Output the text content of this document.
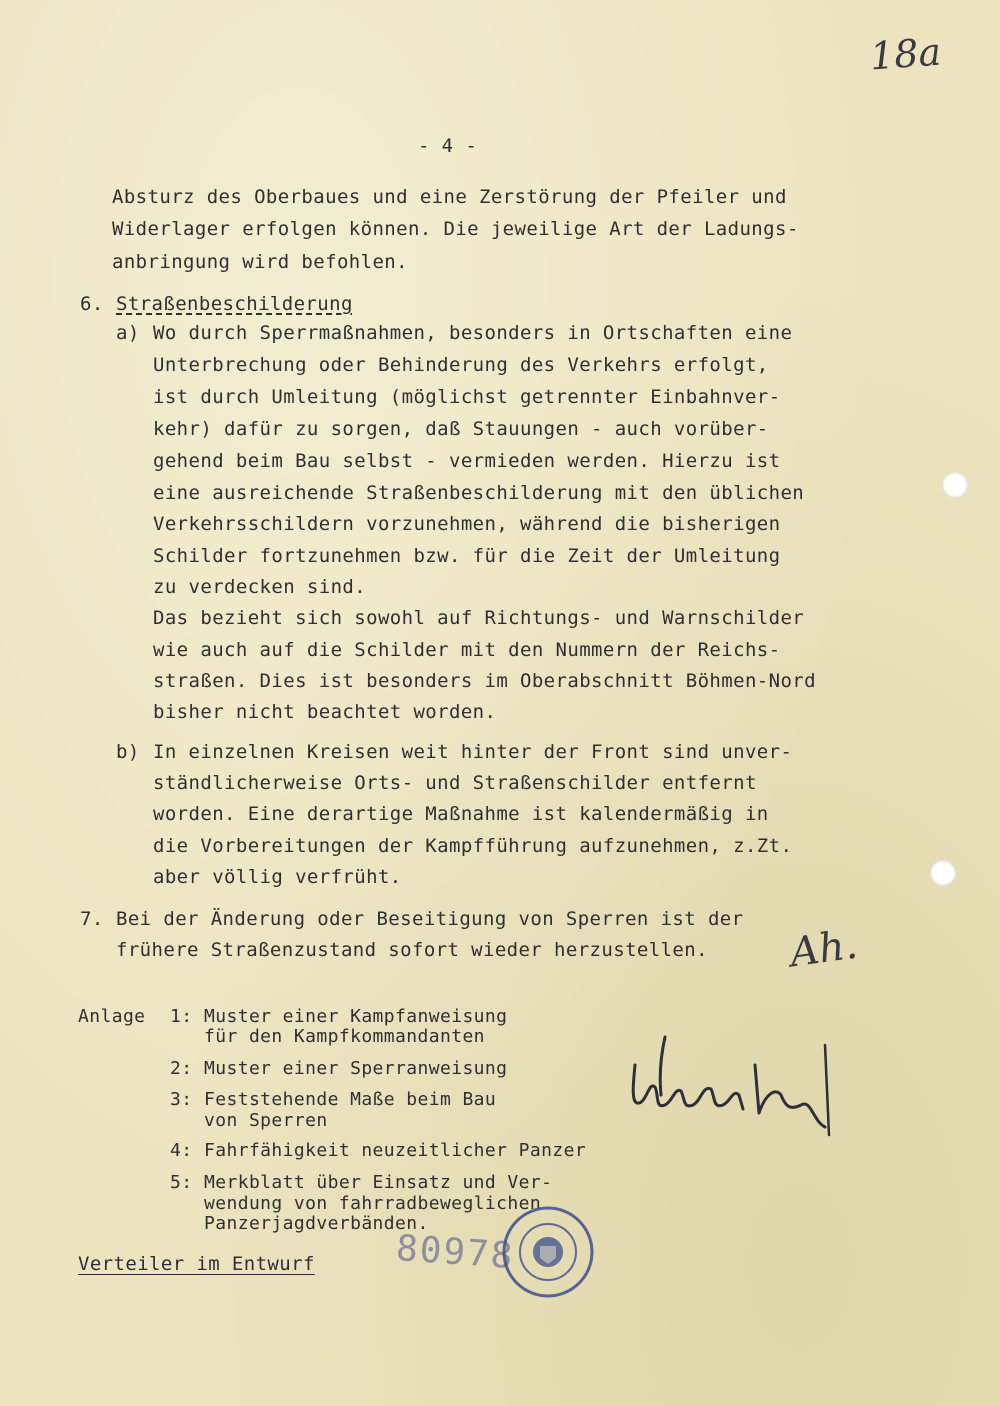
18a
- 4 -
Absturz des Oberbaues und eine Zerstörung der Pfeiler und
Widerlager erfolgen können. Die jeweilige Art der Ladungs-
anbringung wird befohlen.
6. Straßenbeschilderung
a) Wo durch Sperrmaßnahmen, besonders in Ortschaften eine
Unterbrechung oder Behinderung des Verkehrs erfolgt,
ist durch Umleitung (möglichst getrennter Einbahnver-
kehr) dafür zu sorgen, daß Stauungen - auch vorüber-
gehend beim Bau selbst - vermieden werden. Hierzu ist
eine ausreichende Straßenbeschilderung mit den üblichen
Verkehrsschildern vorzunehmen, während die bisherigen
Schilder fortzunehmen bzw. für die Zeit der Umleitung
zu verdecken sind.
Das bezieht sich sowohl auf Richtungs- und Warnschilder
wie auch auf die Schilder mit den Nummern der Reichs-
straßen. Dies ist besonders im Oberabschnitt Böhmen-Nord
bisher nicht beachtet worden.
b) In einzelnen Kreisen weit hinter der Front sind unver-
ständlicherweise Orts- und Straßenschilder entfernt
worden. Eine derartige Maßnahme ist kalendermäßig in
die Vorbereitungen der Kampfführung aufzunehmen, z.Zt.
aber völlig verfrüht.
7. Bei der Änderung oder Beseitigung von Sperren ist der
frühere Straßenzustand sofort wieder herzustellen. Ah.
Anlage 1: Muster einer Kampfanweisung
für den Kampfkommandanten
2: Muster einer Sperranweisung
3: Feststehende Maße beim Bau
von Sperren
4: Fahrfähigkeit neuzeitlicher Panzer
5: Merkblatt über Einsatz und Ver-
wendung von fahrradbeweglichen
Panzerjagdverbänden.
Verteiler im Entwurf 80978
